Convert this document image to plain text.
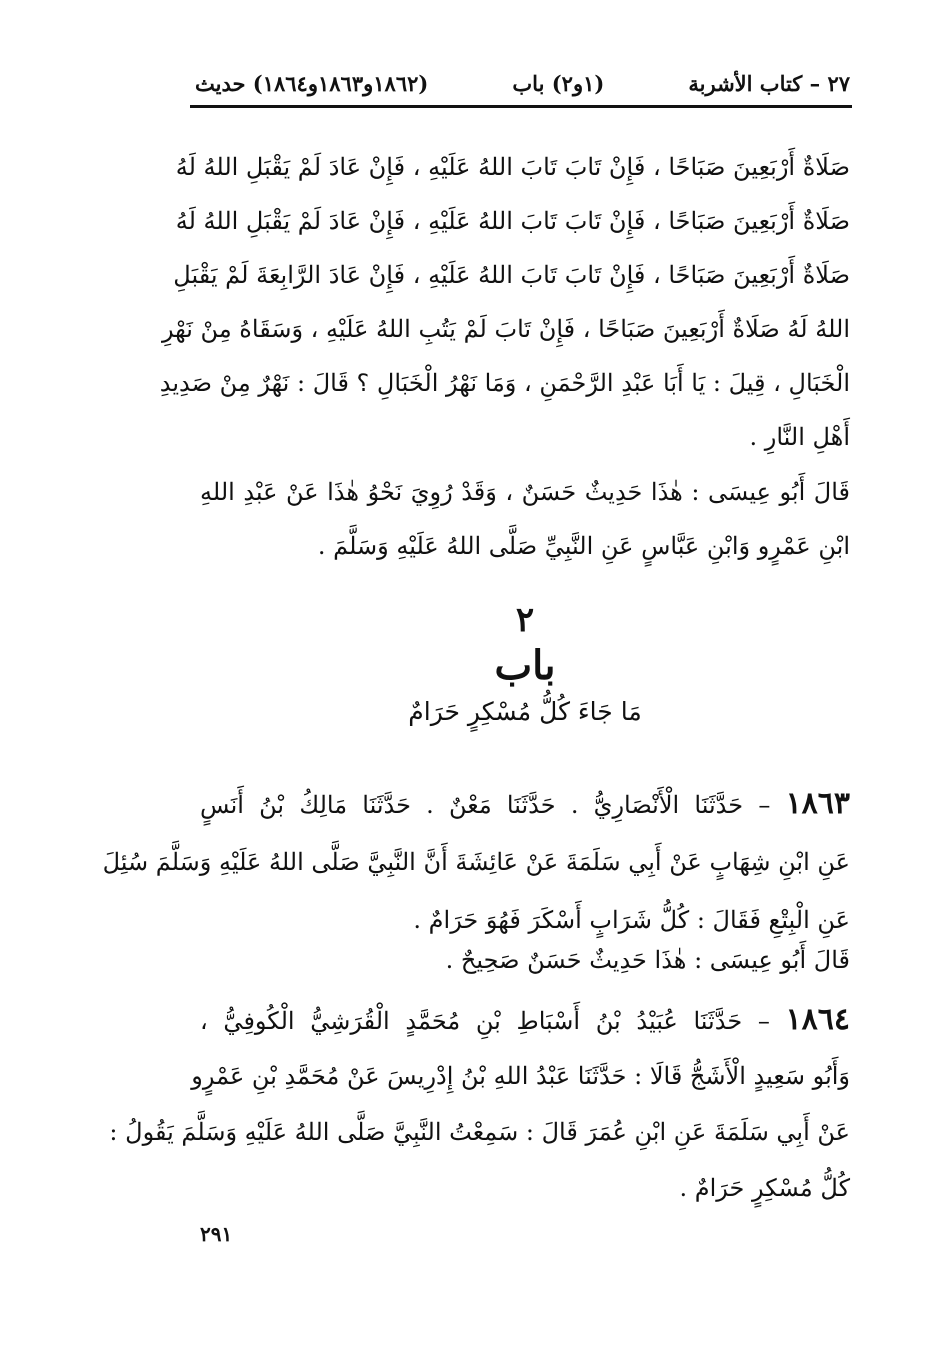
٢٧ – كتاب الأشربة
(١و٢) باب
(١٨٦٢و١٨٦٣و١٨٦٤) حديث
صَلَاةٌ أَرْبَعِينَ صَبَاحًا ، فَإِنْ تَابَ تَابَ اللهُ عَلَيْهِ ، فَإِنْ عَادَ لَمْ يَقْبَلِ اللهُ لَهُ
صَلَاةٌ أَرْبَعِينَ صَبَاحًا ، فَإِنْ تَابَ تَابَ اللهُ عَلَيْهِ ، فَإِنْ عَادَ لَمْ يَقْبَلِ اللهُ لَهُ
صَلَاةٌ أَرْبَعِينَ صَبَاحًا ، فَإِنْ تَابَ تَابَ اللهُ عَلَيْهِ ، فَإِنْ عَادَ الرَّابِعَةَ لَمْ يَقْبَلِ
اللهُ لَهُ صَلَاةٌ أَرْبَعِينَ صَبَاحًا ، فَإِنْ تَابَ لَمْ يَتُبِ اللهُ عَلَيْهِ ، وَسَقَاهُ مِنْ نَهْرِ
الْخَبَالِ ، قِيلَ : يَا أَبَا عَبْدِ الرَّحْمَنِ ، وَمَا نَهْرُ الْخَبَالِ ؟ قَالَ : نَهْرٌ مِنْ صَدِيدِ
أَهْلِ النَّارِ .
قَالَ أَبُو عِيسَى : هٰذَا حَدِيثٌ حَسَنٌ ، وَقَدْ رُوِيَ نَحْوُ هٰذَا عَنْ عَبْدِ اللهِ
ابْنِ عَمْرٍو وَابْنِ عَبَّاسٍ عَنِ النَّبِيِّ صَلَّى اللهُ عَلَيْهِ وَسَلَّمَ .
٢
باب
مَا جَاءَ كُلُّ مُسْكِرٍ حَرَامٌ
١٨٦٣ – حَدَّثَنَا الْأَنْصَارِيُّ . حَدَّثَنَا مَعْنٌ . حَدَّثَنَا مَالِكُ بْنُ أَنَسٍ
عَنِ ابْنِ شِهَابٍ عَنْ أَبِي سَلَمَةَ عَنْ عَائِشَةَ أَنَّ النَّبِيَّ صَلَّى اللهُ عَلَيْهِ وَسَلَّمَ سُئِلَ
عَنِ الْبِتْعِ فَقَالَ : كُلُّ شَرَابٍ أَسْكَرَ فَهُوَ حَرَامٌ .
قَالَ أَبُو عِيسَى : هٰذَا حَدِيثٌ حَسَنٌ صَحِيحٌ .
١٨٦٤ – حَدَّثَنَا عُبَيْدُ بْنُ أَسْبَاطِ بْنِ مُحَمَّدٍ الْقُرَشِيُّ الْكُوفِيُّ ،
وَأَبُو سَعِيدٍ الْأَشَجُّ قَالَا : حَدَّثَنَا عَبْدُ اللهِ بْنُ إِدْرِيسَ عَنْ مُحَمَّدِ بْنِ عَمْرٍو
عَنْ أَبِي سَلَمَةَ عَنِ ابْنِ عُمَرَ قَالَ : سَمِعْتُ النَّبِيَّ صَلَّى اللهُ عَلَيْهِ وَسَلَّمَ يَقُولُ :
كُلُّ مُسْكِرٍ حَرَامٌ .
٢٩١
